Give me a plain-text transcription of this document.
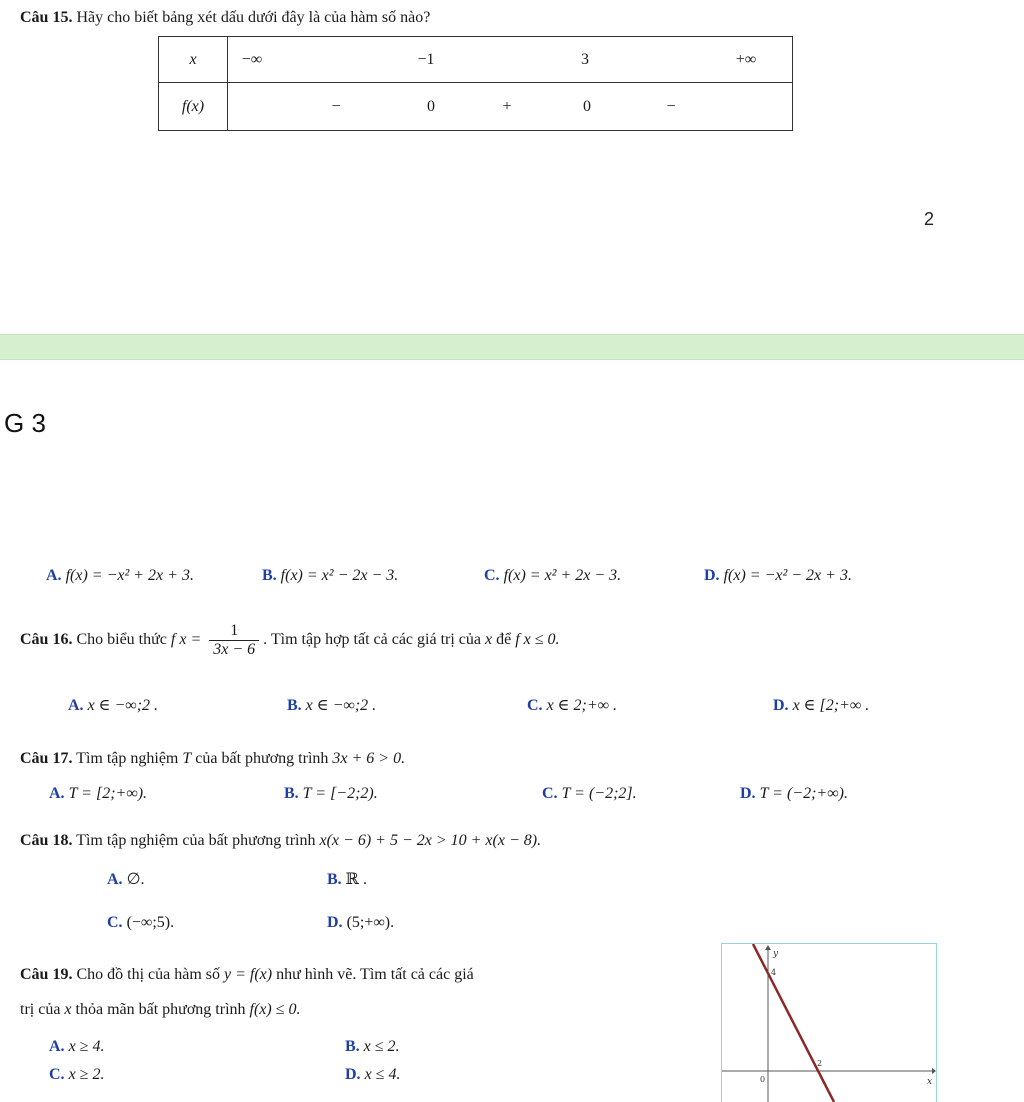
Câu 15. Hãy cho biết bảng xét dấu dưới đây là của hàm số nào?
x	−∞ −1 3 +∞

f(x)	− 0 + 0 −
2
G 3
A. f(x) = −x² + 2x + 3.	B. f(x) = x² − 2x − 3.	C. f(x) = x² + 2x − 3.	D. f(x) = −x² − 2x + 3.
Câu 16. Cho biểu thức f $x = \frac{1}{3x - 6}$ . Tìm tập hợp tất cả các giá trị của x để f x ≤ 0.
A. x ∈ −∞;2 .	B. x ∈ −∞;2 .	C. x ∈ 2;+∞ .	D. x ∈ [2;+∞ .
Câu 17. Tìm tập nghiệm T của bất phương trình 3x + 6 > 0.
A. T = [2;+∞).	B. T = [−2;2).	C. T = (−2;2].	D. T = (−2;+∞).
Câu 18. Tìm tập nghiệm của bất phương trình x(x − 6) + 5 − 2x > 10 + x(x − 8).
A. ∅.	B. ℝ .
C. (−∞;5).	D. (5;+∞).
Câu 19. Cho đồ thị của hàm số y = f(x) như hình vẽ. Tìm tất cả các giá
trị của x thỏa mãn bất phương trình f(x) ≤ 0.
A. x ≥ 4.	B. x ≤ 2.
C. x ≥ 2.	D. x ≤ 4.
y
x
0
2
4
